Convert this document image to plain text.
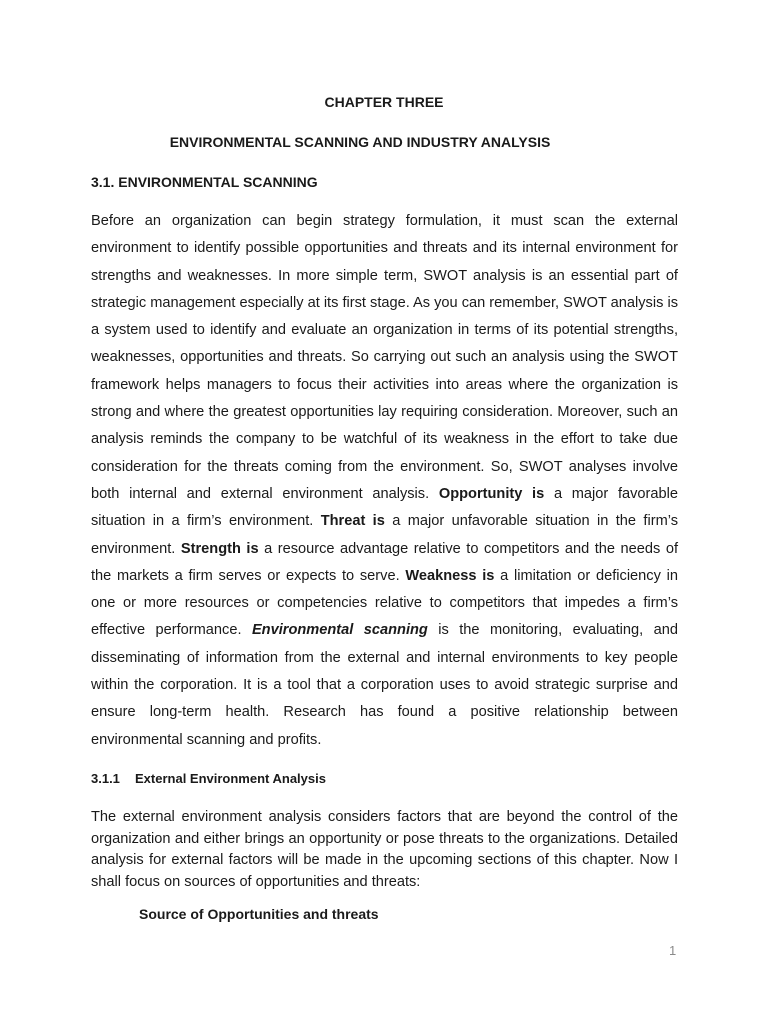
CHAPTER THREE
ENVIRONMENTAL SCANNING AND INDUSTRY ANALYSIS
3.1. ENVIRONMENTAL SCANNING

Before an organization can begin strategy formulation, it must scan the external environment to identify possible opportunities and threats and its internal environment for strengths and weaknesses. In more simple term, SWOT analysis is an essential part of strategic management especially at its first stage. As you can remember, SWOT analysis is a system used to identify and evaluate an organization in terms of its potential strengths, weaknesses, opportunities and threats. So carrying out such an analysis using the SWOT framework helps managers to focus their activities into areas where the organization is strong and where the greatest opportunities lay requiring consideration. Moreover, such an analysis reminds the company to be watchful of its weakness in the effort to take due consideration for the threats coming from the environment. So, SWOT analyses involve both internal and external environment analysis. Opportunity is a major favorable situation in a firm’s environment. Threat is a major unfavorable situation in the firm’s environment. Strength is a resource advantage relative to competitors and the needs of the markets a firm serves or expects to serve. Weakness is a limitation or deficiency in one or more resources or competencies relative to competitors that impedes a firm’s effective performance. Environmental scanning is the monitoring, evaluating, and disseminating of information from the external and internal environments to key people within the corporation. It is a tool that a corporation uses to avoid strategic surprise and ensure long-term health. Research has found a positive relationship between environmental scanning and profits.

3.1.1 External Environment Analysis

The external environment analysis considers factors that are beyond the control of the organization and either brings an opportunity or pose threats to the organizations. Detailed analysis for external factors will be made in the upcoming sections of this chapter. Now I shall focus on sources of opportunities and threats:

Source of Opportunities and threats
1
